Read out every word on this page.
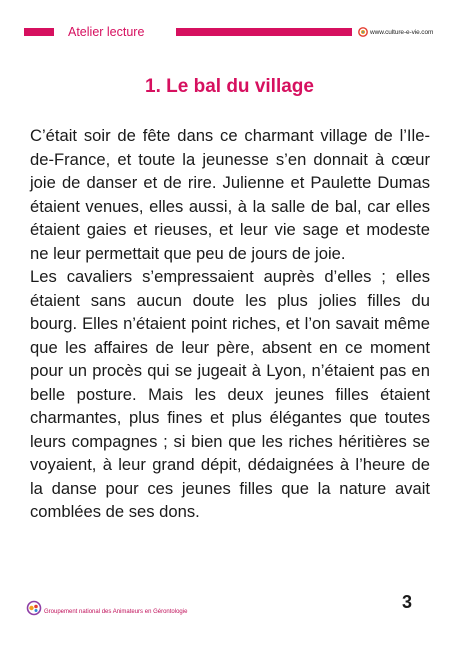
Atelier lecture	www.culture-e-vie.com
1. Le bal du village

C’était soir de fête dans ce charmant village de l’Ile-de-France, et toute la jeunesse s’en donnait à cœur joie de danser et de rire. Julienne et Paulette Dumas étaient venues, elles aussi, à la salle de bal, car elles étaient gaies et rieuses, et leur vie sage et modeste ne leur permettait que peu de jours de joie.

Les cavaliers s’empressaient auprès d’elles ; elles étaient sans aucun doute les plus jolies filles du bourg. Elles n’étaient point riches, et l’on savait même que les affaires de leur père, absent en ce moment pour un procès qui se jugeait à Lyon, n’étaient pas en belle posture. Mais les deux jeunes filles étaient charmantes, plus fines et plus élégantes que toutes leurs compagnes ; si bien que les riches héritières se voyaient, à leur grand dépit, dédaignées à l’heure de la danse pour ces jeunes filles que la nature avait comblées de ses dons.

Groupement national des Animateurs en Gérontologie	3
